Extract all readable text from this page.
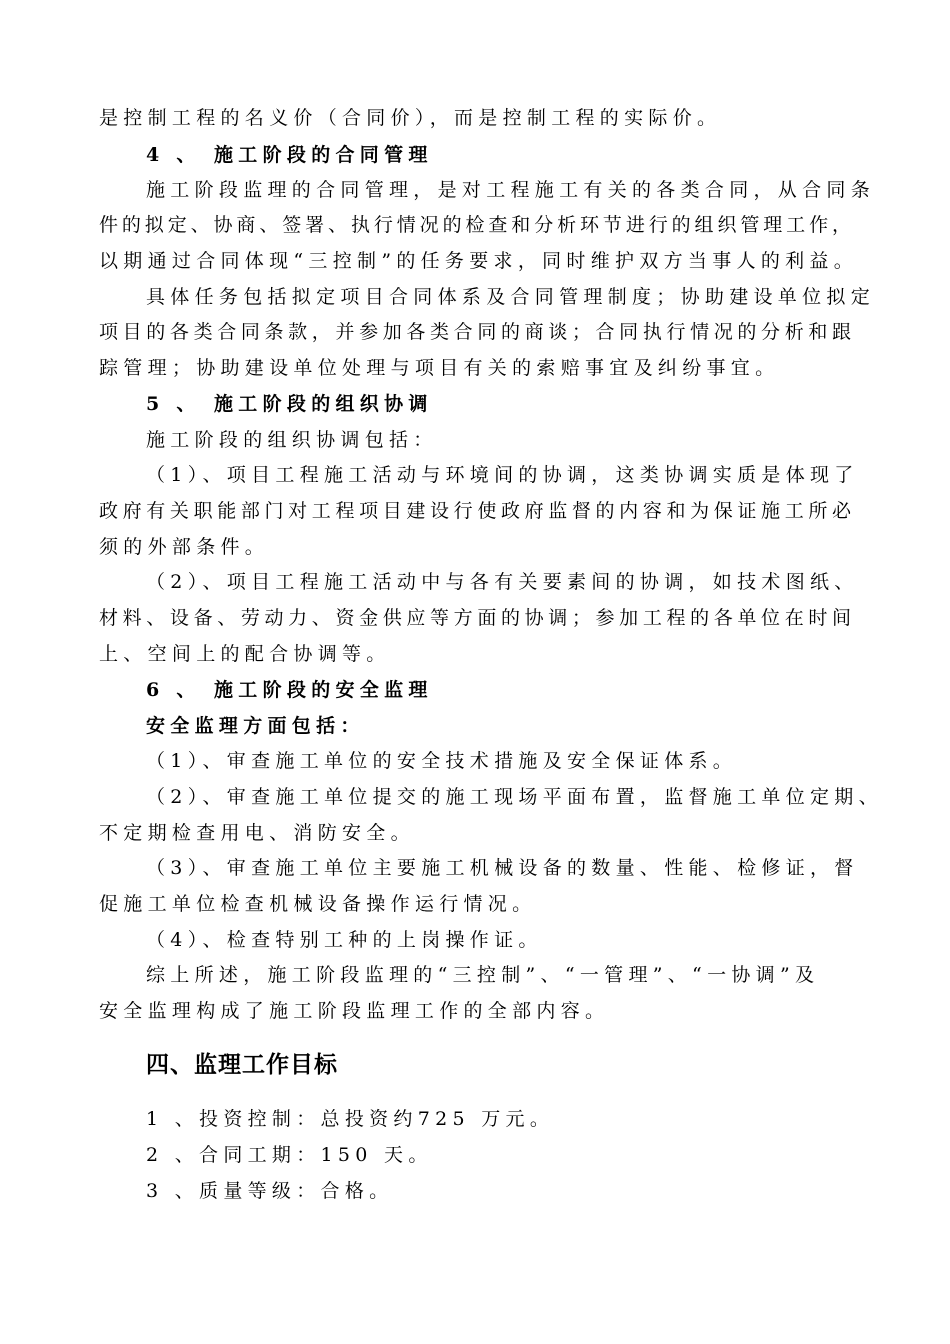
是控制工程的名义价（合同价），而是控制工程的实际价。
4 、 施工阶段的合同管理
施工阶段监理的合同管理，是对工程施工有关的各类合同，从合同条
件的拟定、协商、签署、执行情况的检查和分析环节进行的组织管理工作，
以期通过合同体现“三控制”的任务要求，同时维护双方当事人的利益。
具体任务包括拟定项目合同体系及合同管理制度；协助建设单位拟定
项目的各类合同条款，并参加各类合同的商谈；合同执行情况的分析和跟
踪管理；协助建设单位处理与项目有关的索赔事宜及纠纷事宜。
5 、 施工阶段的组织协调
施工阶段的组织协调包括：
（1）、项目工程施工活动与环境间的协调，这类协调实质是体现了
政府有关职能部门对工程项目建设行使政府监督的内容和为保证施工所必
须的外部条件。
（2）、项目工程施工活动中与各有关要素间的协调，如技术图纸、
材料、设备、劳动力、资金供应等方面的协调；参加工程的各单位在时间
上、空间上的配合协调等。
6 、 施工阶段的安全监理
安全监理方面包括：
（1）、审查施工单位的安全技术措施及安全保证体系。
（2）、审查施工单位提交的施工现场平面布置，监督施工单位定期、
不定期检查用电、消防安全。
（3）、审查施工单位主要施工机械设备的数量、性能、检修证，督
促施工单位检查机械设备操作运行情况。
（4）、检查特别工种的上岗操作证。
综上所述，施工阶段监理的“三控制”、“一管理”、“一协调”及
安全监理构成了施工阶段监理工作的全部内容。
四、监理工作目标
1 、投资控制：总投资约725 万元。
2 、合同工期：150 天。
3 、质量等级：合格。
